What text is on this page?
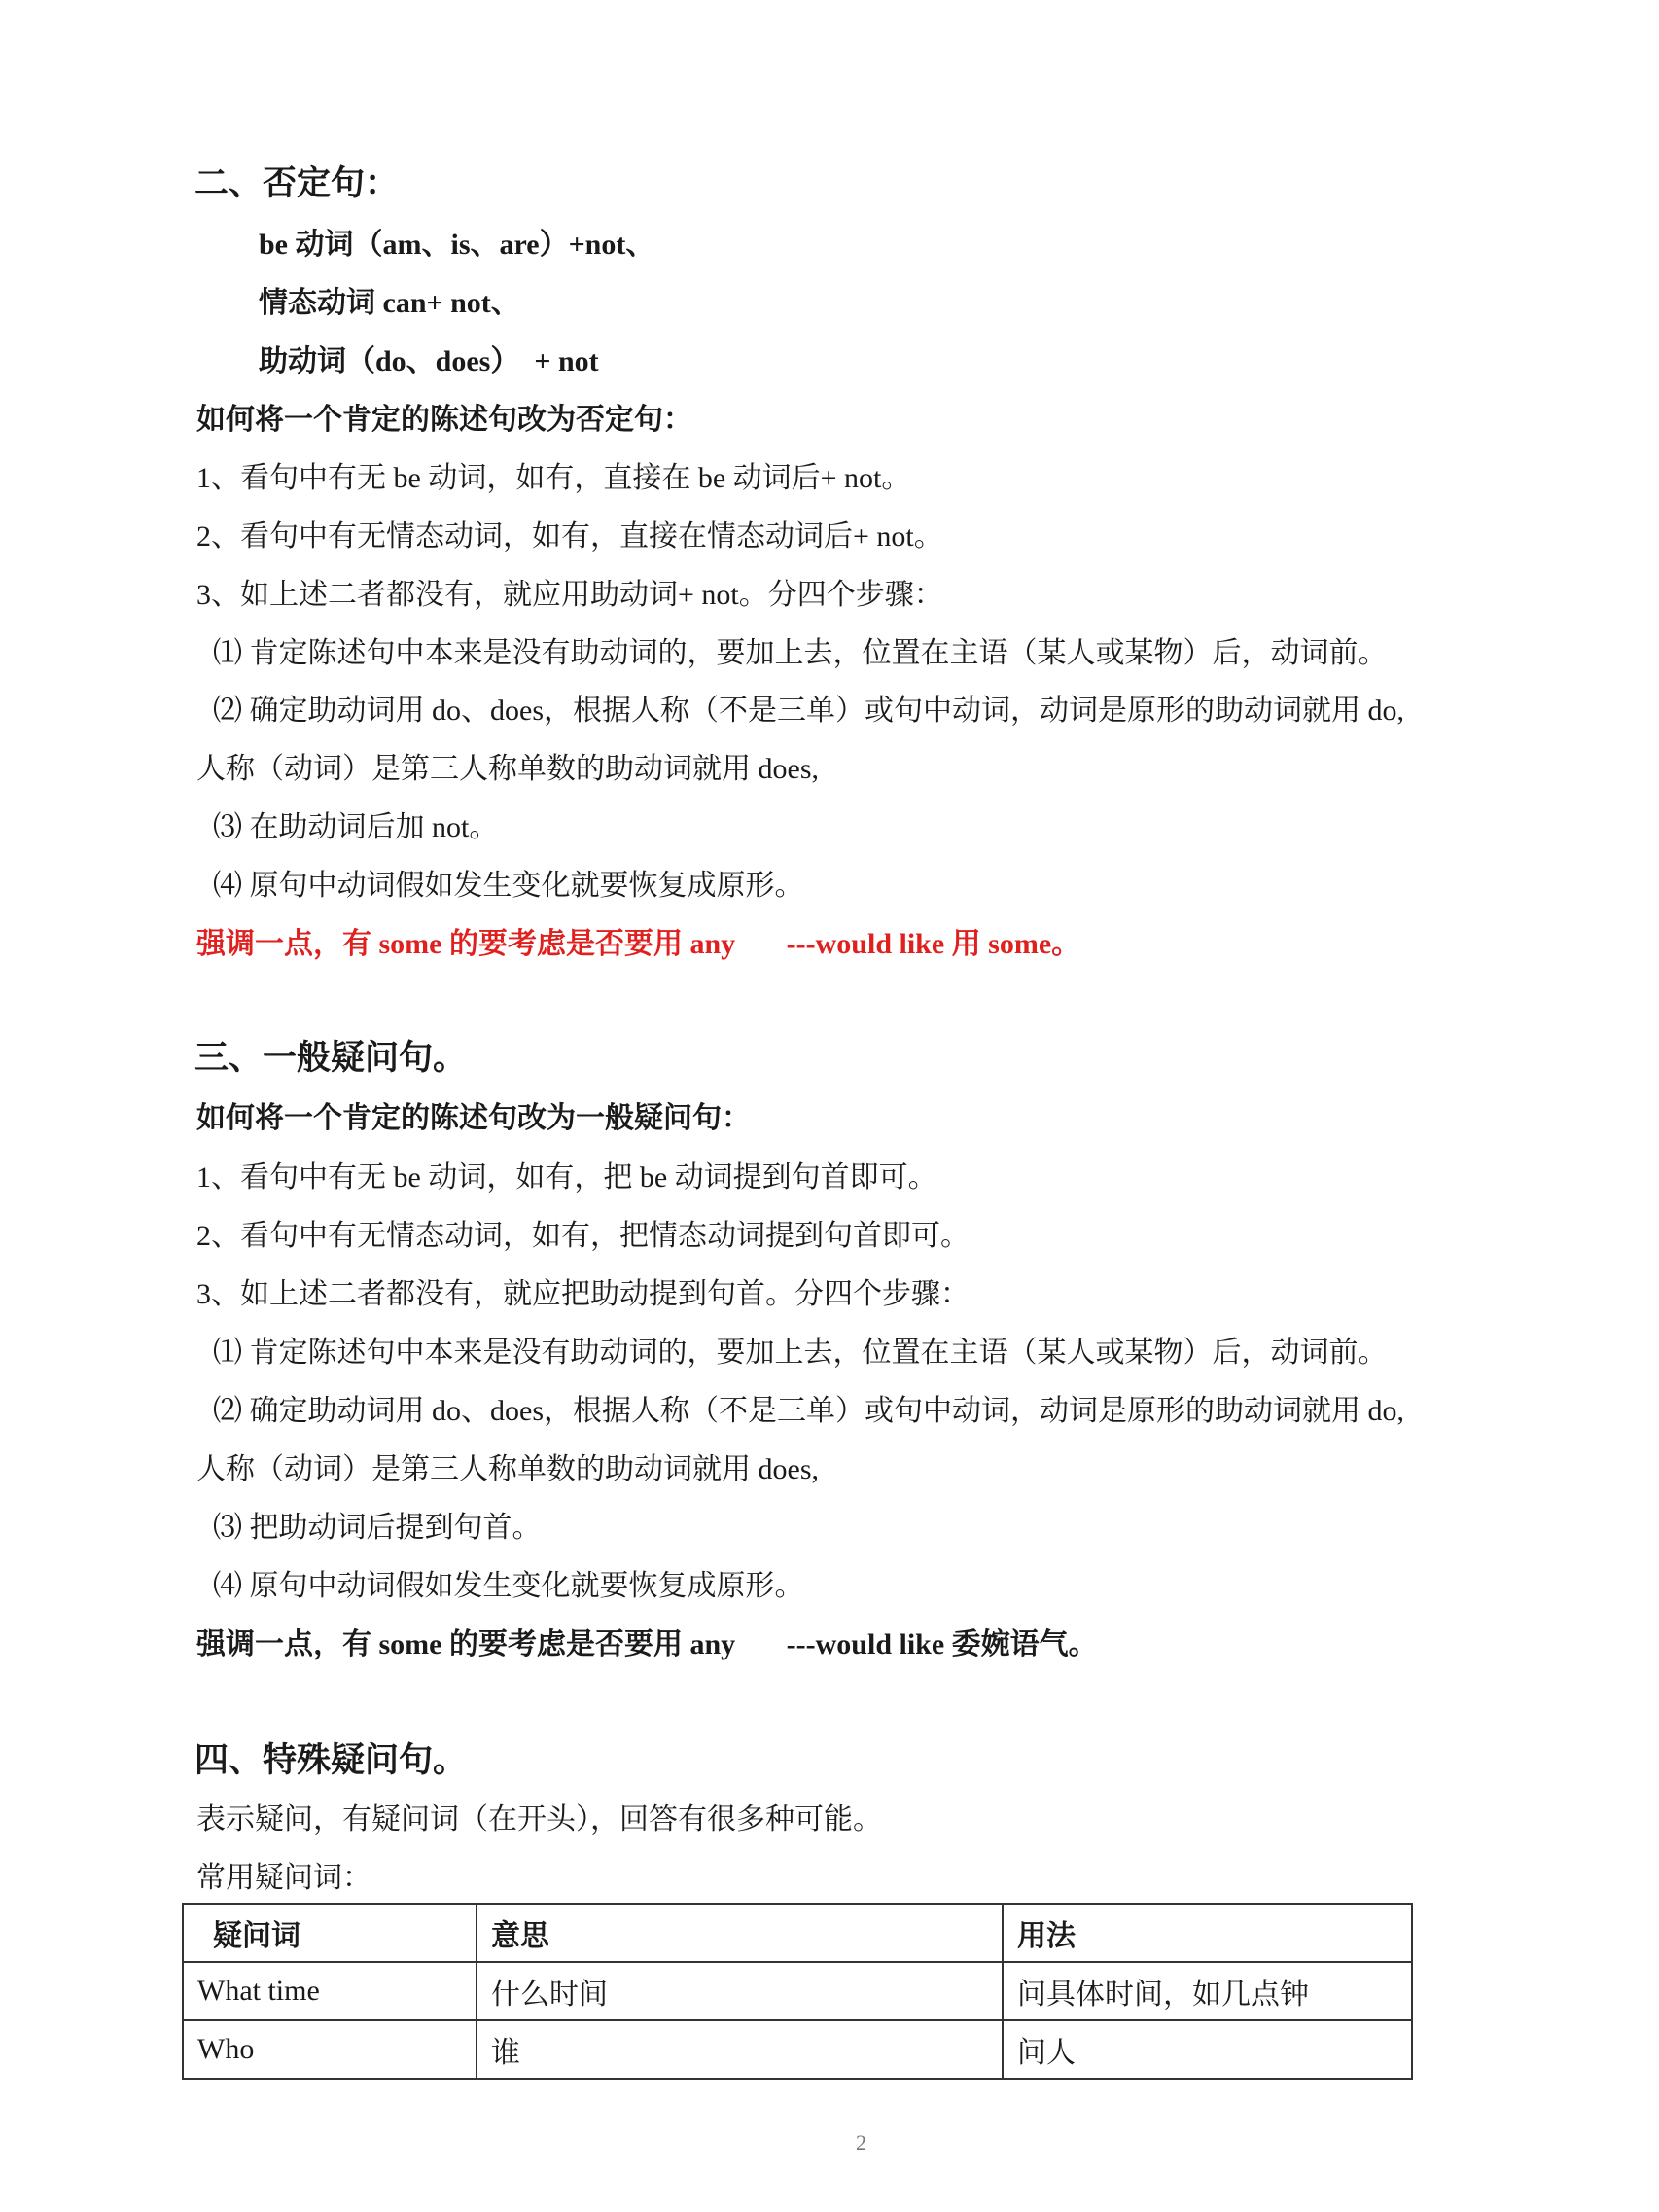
二、否定句：
be 动词（am、is、are）+not、
情态动词 can+ not、
助动词（do、does）  + not
如何将一个肯定的陈述句改为否定句：
1、看句中有无 be 动词，如有，直接在 be 动词后+ not。
2、看句中有无情态动词，如有，直接在情态动词后+ not。
3、如上述二者都没有，就应用助动词+ not。分四个步骤：
⑴ 肯定陈述句中本来是没有助动词的，要加上去，位置在主语（某人或某物）后，动词前。
⑵ 确定助动词用 do、does，根据人称（不是三单）或句中动词，动词是原形的助动词就用 do,
人称（动词）是第三人称单数的助动词就用 does,
⑶ 在助动词后加 not。
⑷ 原句中动词假如发生变化就要恢复成原形。
强调一点，有 some 的要考虑是否要用 any       ---would like 用 some。
三、一般疑问句。
如何将一个肯定的陈述句改为一般疑问句：
1、看句中有无 be 动词，如有，把 be 动词提到句首即可。
2、看句中有无情态动词，如有，把情态动词提到句首即可。
3、如上述二者都没有，就应把助动提到句首。分四个步骤：
⑴ 肯定陈述句中本来是没有助动词的，要加上去，位置在主语（某人或某物）后，动词前。
⑵ 确定助动词用 do、does，根据人称（不是三单）或句中动词，动词是原形的助动词就用 do,
人称（动词）是第三人称单数的助动词就用 does,
⑶ 把助动词后提到句首。
⑷ 原句中动词假如发生变化就要恢复成原形。
强调一点，有 some 的要考虑是否要用 any       ---would like 委婉语气。
四、特殊疑问句。
表示疑问，有疑问词（在开头），回答有很多种可能。
常用疑问词：
疑问词	意思	用法
What time	什么时间	问具体时间，如几点钟
Who	谁	问人
2
